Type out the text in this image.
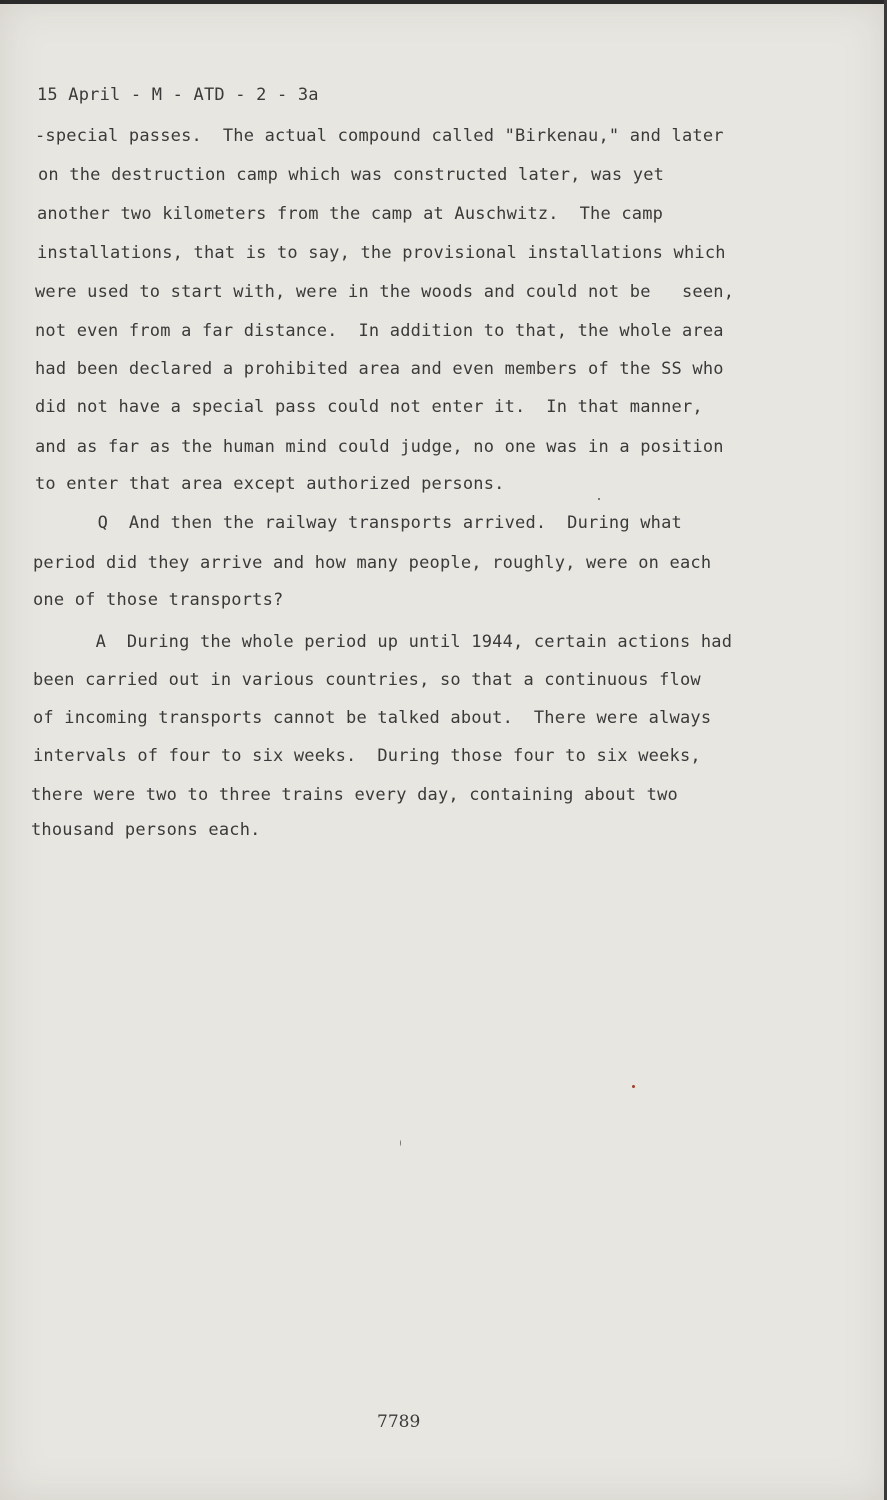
15 April - M - ATD - 2 - 3a
-special passes.  The actual compound called "Birkenau," and later
on the destruction camp which was constructed later, was yet
another two kilometers from the camp at Auschwitz.  The camp
installations, that is to say, the provisional installations which
were used to start with, were in the woods and could not be   seen,
not even from a far distance.  In addition to that, the whole area
had been declared a prohibited area and even members of the SS who
did not have a special pass could not enter it.  In that manner,
and as far as the human mind could judge, no one was in a position
to enter that area except authorized persons.
Q  And then the railway transports arrived.  During what
period did they arrive and how many people, roughly, were on each
one of those transports?
A  During the whole period up until 1944, certain actions had
been carried out in various countries, so that a continuous flow
of incoming transports cannot be talked about.  There were always
intervals of four to six weeks.  During those four to six weeks,
there were two to three trains every day, containing about two
thousand persons each.
7789
